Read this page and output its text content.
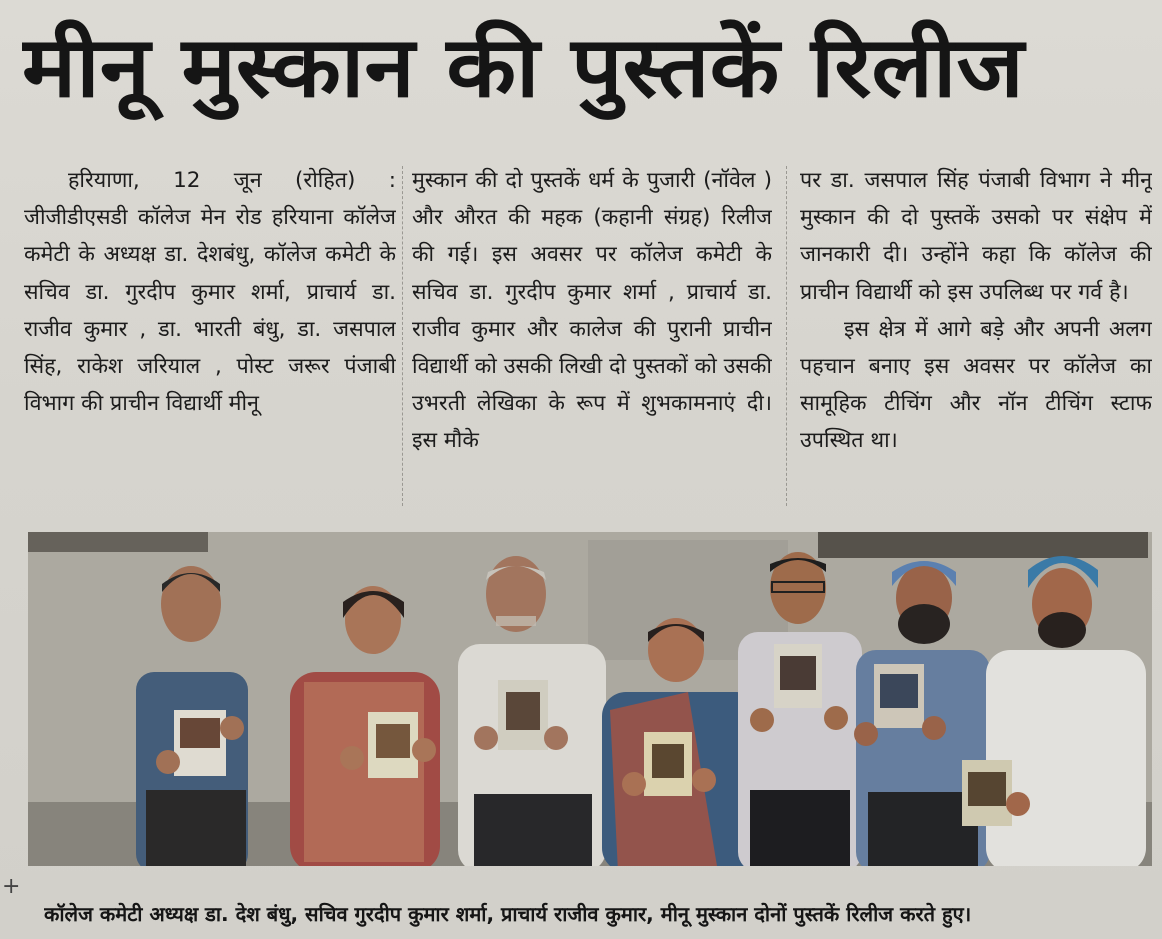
मीनू मुस्कान की पुस्तकें रिलीज

हरियाणा, 12 जून (रोहित) : जीजीडीएसडी कॉलेज मेन रोड हरियाना कॉलेज कमेटी के अध्यक्ष डा. देशबंधु, कॉलेज कमेटी के सचिव डा. गुरदीप कुमार शर्मा, प्राचार्य डा. राजीव कुमार , डा. भारती बंधु, डा. जसपाल सिंह, राकेश जरियाल , पोस्ट जरूर पंजाबी विभाग की प्राचीन विद्यार्थी मीनू

मुस्कान की दो पुस्तकें धर्म के पुजारी (नॉवेल ) और औरत की महक (कहानी संग्रह) रिलीज की गई। इस अवसर पर कॉलेज कमेटी के सचिव डा. गुरदीप कुमार शर्मा , प्राचार्य डा. राजीव कुमार और कालेज की पुरानी प्राचीन विद्यार्थी को उसकी लिखी दो पुस्तकों को उसकी उभरती लेखिका के रूप में शुभकामनाएं दी। इस मौके

पर डा. जसपाल सिंह पंजाबी विभाग ने मीनू मुस्कान की दो पुस्तकें उसको पर संक्षेप में जानकारी दी। उन्होंने कहा कि कॉलेज की प्राचीन विद्यार्थी को इस उपलिब्ध पर गर्व है।

इस क्षेत्र में आगे बड़े और अपनी अलग पहचान बनाए इस अवसर पर कॉलेज का सामूहिक टीचिंग और नॉन टीचिंग स्टाफ उपस्थित था।

+
कॉलेज कमेटी अध्यक्ष डा. देश बंधु, सचिव गुरदीप कुमार शर्मा, प्राचार्य राजीव कुमार, मीनू मुस्कान दोनों पुस्तकें रिलीज करते हुए।
